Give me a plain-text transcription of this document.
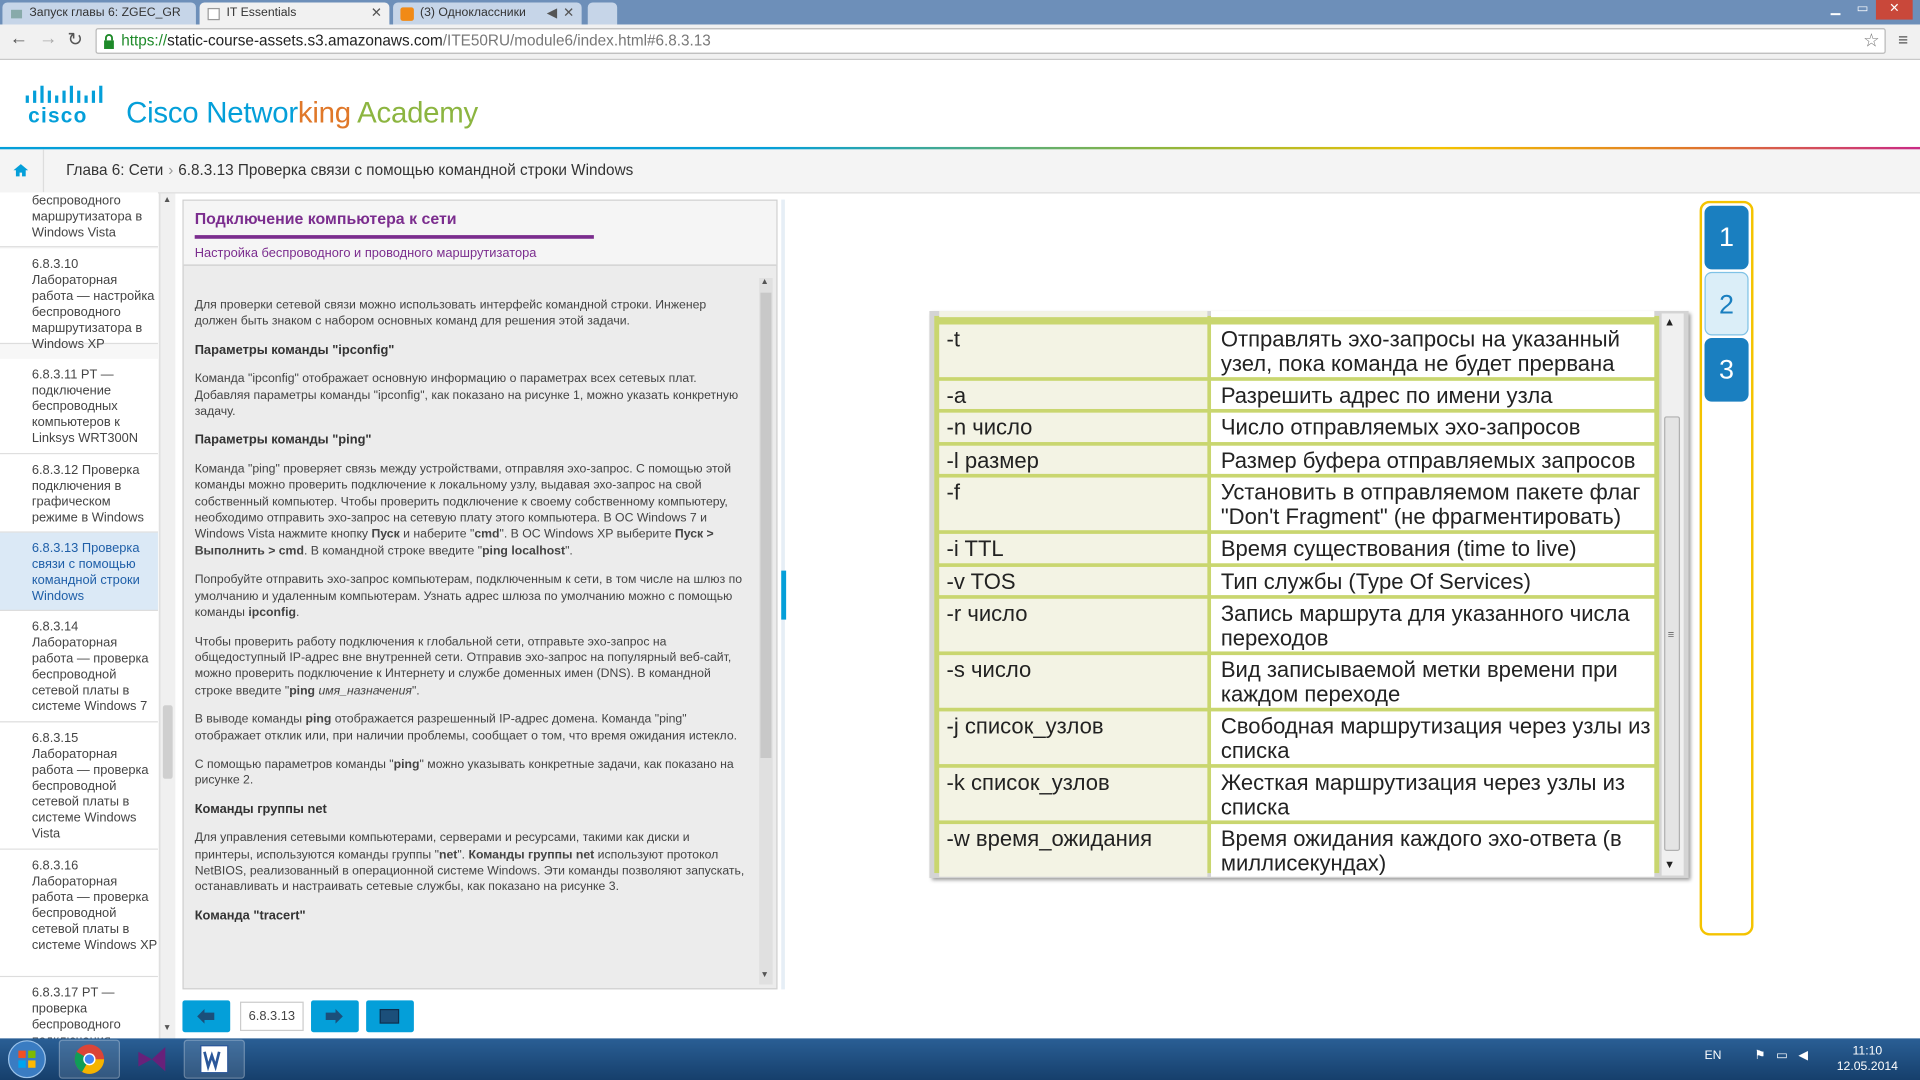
Запуск главы 6: ZGEC_GR	IT Essentials	✕	(3) Одноклассники ◀ ✕	▁	▭	✕
← → ↻	https://static-course-assets.s3.amazonaws.com/ITE50RU/module6/index.html#6.8.3.13	☆ ≡
cisco Cisco Networking Academy
Глава 6: Сети › 6.8.3.13 Проверка связи с помощью командной строки Windows
беспроводного маршрутизатора в Windows Vista
6.8.3.10 Лабораторная работа — настройка беспроводного маршрутизатора в Windows XP
6.8.3.11 PT — подключение беспроводных компьютеров к Linksys WRT300N
6.8.3.12 Проверка подключения в графическом режиме в Windows
6.8.3.13 Проверка связи с помощью командной строки Windows
6.8.3.14 Лабораторная работа — проверка беспроводной сетевой платы в системе Windows 7
6.8.3.15 Лабораторная работа — проверка беспроводной сетевой платы в системе Windows Vista
6.8.3.16 Лабораторная работа — проверка беспроводной сетевой платы в системе Windows XP
6.8.3.17 PT — проверка беспроводного
▲
▼
Подключение компьютера к сети
Настройка беспроводного и проводного маршрутизатора

Для проверки сетевой связи можно использовать интерфейс командной строки. Инженер должен быть знаком с набором основных команд для решения этой задачи.

Параметры команды "ipconfig"

Команда "ipconfig" отображает основную информацию о параметрах всех сетевых плат. Добавляя параметры команды "ipconfig", как показано на рисунке 1, можно указать конкретную задачу.

Параметры команды "ping"

Команда "ping" проверяет связь между устройствами, отправляя эхо-запрос. С помощью этой команды можно проверить подключение к локальному узлу, выдавая эхо-запрос на свой собственный компьютер. Чтобы проверить подключение к своему собственному компьютеру, необходимо отправить эхо-запрос на сетевую плату этого компьютера. В ОС Windows 7 и Windows Vista нажмите кнопку Пуск и наберите "cmd". В ОС Windows XP выберите Пуск > Выполнить > cmd. В командной строке введите "ping localhost".

Попробуйте отправить эхо-запрос компьютерам, подключенным к сети, в том числе на шлюз по умолчанию и удаленным компьютерам. Узнать адрес шлюза по умолчанию можно с помощью команды ipconfig.

Чтобы проверить работу подключения к глобальной сети, отправьте эхо-запрос на общедоступный IP-адрес вне внутренней сети. Отправив эхо-запрос на популярный веб-сайт, можно проверить подключение к Интернету и службе доменных имен (DNS). В командной строке введите "ping имя_назначения".

В выводе команды ping отображается разрешенный IP-адрес домена. Команда "ping" отображает отклик или, при наличии проблемы, сообщает о том, что время ожидания истекло.

С помощью параметров команды "ping" можно указывать конкретные задачи, как показано на рисунке 2.

Команды группы net

Для управления сетевыми компьютерами, серверами и ресурсами, такими как диски и принтеры, используются команды группы "net". Команды группы net используют протокол NetBIOS, реализованный в операционной системе Windows. Эти команды позволяют запускать, останавливать и настраивать сетевые службы, как показано на рисунке 3.

Команда "tracert"

▲
▼
6.8.3.13
-t	Отправлять эхо-запросы на указанный узел, пока команда не будет прервана
-a	Разрешить адрес по имени узла
-n число	Число отправляемых эхо-запросов
-l размер	Размер буфера отправляемых запросов
-f	Установить в отправляемом пакете флаг "Don't Fragment" (не фрагментировать)
-i TTL	Время существования (time to live)
-v TOS	Тип службы (Type Of Services)
-r число	Запись маршрута для указанного числа переходов
-s число	Вид записываемой метки времени при каждом переходе
-j список_узлов	Свободная маршрутизация через узлы из списка
-k список_узлов	Жесткая маршрутизация через узлы из списка
-w время_ожидания	Время ожидания каждого эхо-ответа (в миллисекундах)
▲
≡
▼
1
2
3
EN	⚑ ▭ ◀	11:10
12.05.2014
